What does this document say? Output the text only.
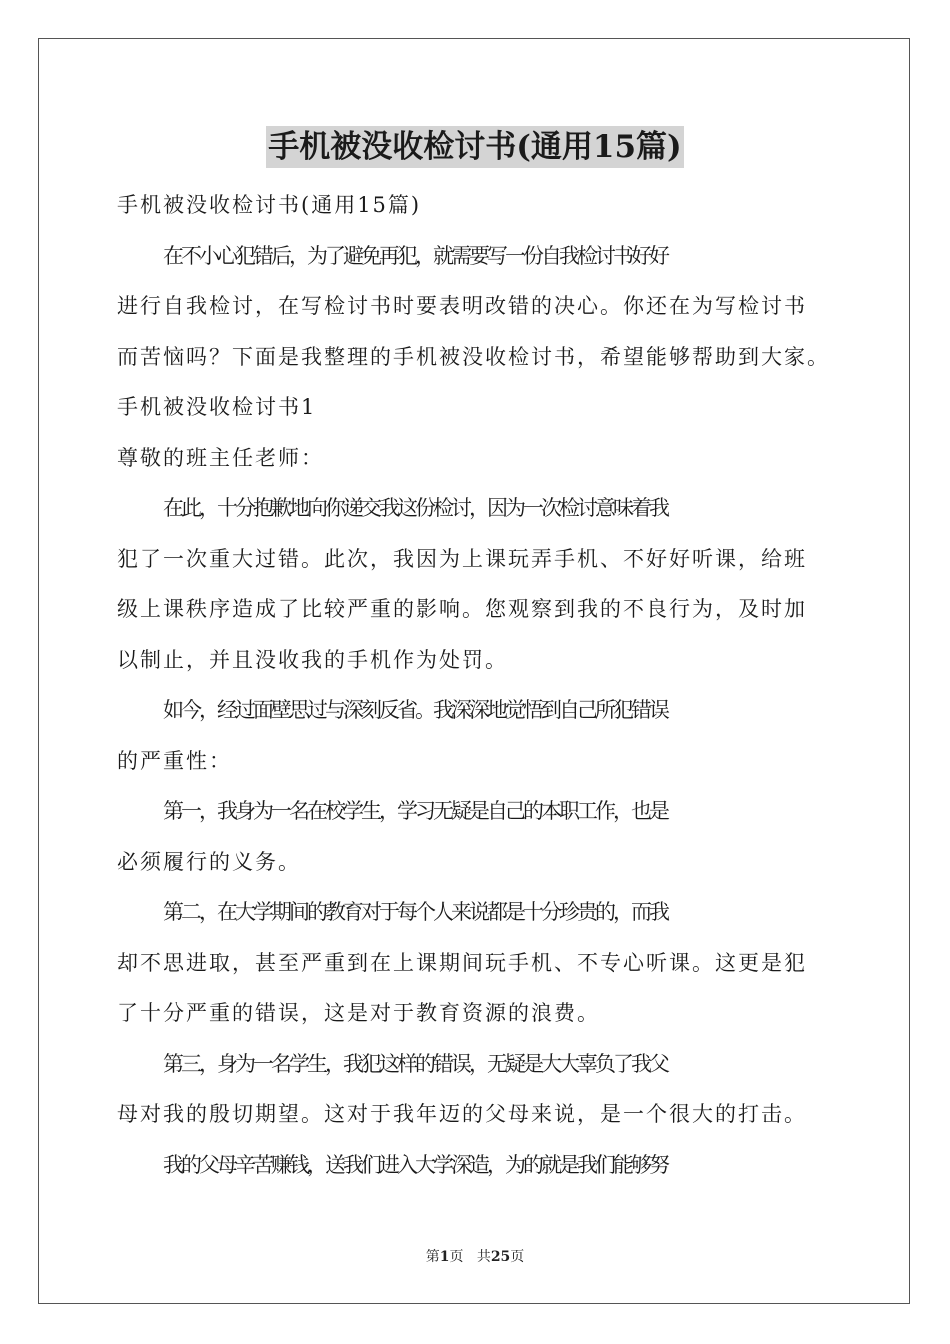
手机被没收检讨书(通用15篇)
手机被没收检讨书(通用15篇)
在不小心犯错后，为了避免再犯，就需要写一份自我检讨书好好
进行自我检讨，在写检讨书时要表明改错的决心。你还在为写检讨书
而苦恼吗？下面是我整理的手机被没收检讨书，希望能够帮助到大家。
手机被没收检讨书1
尊敬的班主任老师：
在此，十分抱歉地向你递交我这份检讨，因为一次检讨意味着我
犯了一次重大过错。此次，我因为上课玩弄手机、不好好听课，给班
级上课秩序造成了比较严重的影响。您观察到我的不良行为，及时加
以制止，并且没收我的手机作为处罚。
如今，经过面壁思过与深刻反省。我深深地觉悟到自己所犯错误
的严重性：
第一，我身为一名在校学生，学习无疑是自己的本职工作，也是
必须履行的义务。
第二，在大学期间的教育对于每个人来说都是十分珍贵的，而我
却不思进取，甚至严重到在上课期间玩手机、不专心听课。这更是犯
了十分严重的错误，这是对于教育资源的浪费。
第三，身为一名学生，我犯这样的错误，无疑是大大辜负了我父
母对我的殷切期望。这对于我年迈的父母来说，是一个很大的打击。
我的父母辛苦赚钱，送我们进入大学深造，为的就是我们能够努
第1页 共25页
